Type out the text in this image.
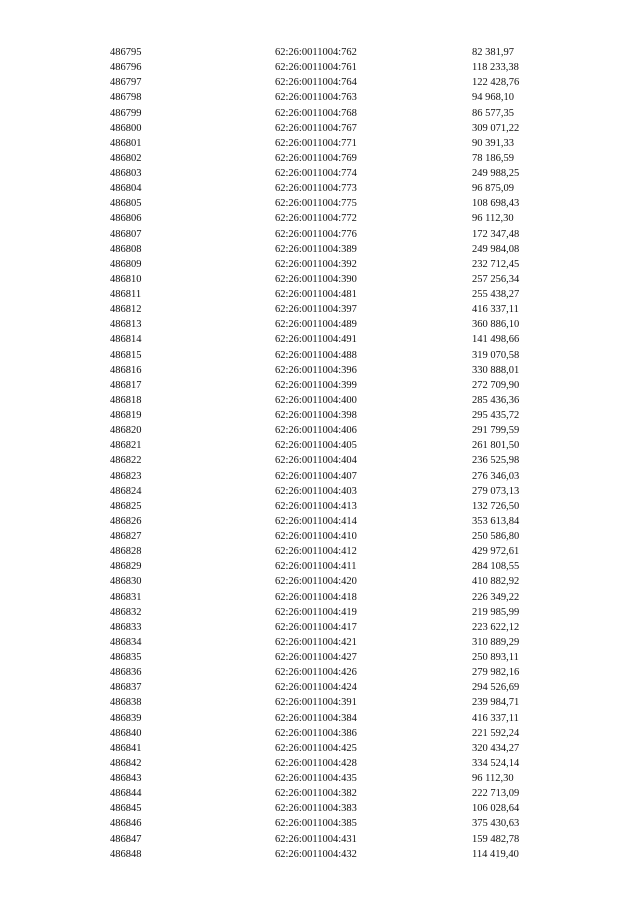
486795	62:26:0011004:762	82 381,97
486796	62:26:0011004:761	118 233,38
486797	62:26:0011004:764	122 428,76
486798	62:26:0011004:763	94 968,10
486799	62:26:0011004:768	86 577,35
486800	62:26:0011004:767	309 071,22
486801	62:26:0011004:771	90 391,33
486802	62:26:0011004:769	78 186,59
486803	62:26:0011004:774	249 988,25
486804	62:26:0011004:773	96 875,09
486805	62:26:0011004:775	108 698,43
486806	62:26:0011004:772	96 112,30
486807	62:26:0011004:776	172 347,48
486808	62:26:0011004:389	249 984,08
486809	62:26:0011004:392	232 712,45
486810	62:26:0011004:390	257 256,34
486811	62:26:0011004:481	255 438,27
486812	62:26:0011004:397	416 337,11
486813	62:26:0011004:489	360 886,10
486814	62:26:0011004:491	141 498,66
486815	62:26:0011004:488	319 070,58
486816	62:26:0011004:396	330 888,01
486817	62:26:0011004:399	272 709,90
486818	62:26:0011004:400	285 436,36
486819	62:26:0011004:398	295 435,72
486820	62:26:0011004:406	291 799,59
486821	62:26:0011004:405	261 801,50
486822	62:26:0011004:404	236 525,98
486823	62:26:0011004:407	276 346,03
486824	62:26:0011004:403	279 073,13
486825	62:26:0011004:413	132 726,50
486826	62:26:0011004:414	353 613,84
486827	62:26:0011004:410	250 586,80
486828	62:26:0011004:412	429 972,61
486829	62:26:0011004:411	284 108,55
486830	62:26:0011004:420	410 882,92
486831	62:26:0011004:418	226 349,22
486832	62:26:0011004:419	219 985,99
486833	62:26:0011004:417	223 622,12
486834	62:26:0011004:421	310 889,29
486835	62:26:0011004:427	250 893,11
486836	62:26:0011004:426	279 982,16
486837	62:26:0011004:424	294 526,69
486838	62:26:0011004:391	239 984,71
486839	62:26:0011004:384	416 337,11
486840	62:26:0011004:386	221 592,24
486841	62:26:0011004:425	320 434,27
486842	62:26:0011004:428	334 524,14
486843	62:26:0011004:435	96 112,30
486844	62:26:0011004:382	222 713,09
486845	62:26:0011004:383	106 028,64
486846	62:26:0011004:385	375 430,63
486847	62:26:0011004:431	159 482,78
486848	62:26:0011004:432	114 419,40
